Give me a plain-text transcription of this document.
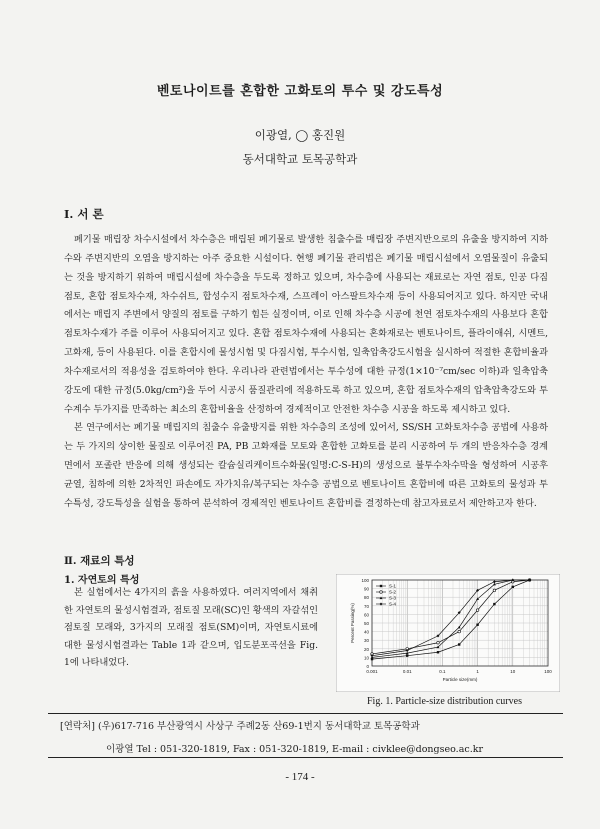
벤토나이트를 혼합한 고화토의 투수 및 강도특성
이광열, ◯ 홍진원
동서대학교 토목공학과
Ⅰ. 서 론

폐기물 매립장 차수시설에서 차수층은 매립된 폐기물로 발생한 침출수를 매립장 주변지반으로의 유출을 방지하여 지하수와 주변지반의 오염을 방지하는 아주 중요한 시설이다. 현행 폐기물 관리법은 폐기물 매립시설에서 오염물질이 유출되는 것을 방지하기 위하여 매립시설에 차수층을 두도록 정하고 있으며, 차수층에 사용되는 재료로는 자연 점토, 인공 다짐점토, 혼합 점토차수재, 차수쉬트, 합성수지 점토차수재, 스프레이 아스팔트차수재 등이 사용되어지고 있다. 하지만 국내에서는 매립지 주변에서 양질의 점토를 구하기 힘든 실정이며, 이로 인해 차수층 시공에 천연 점토차수재의 사용보다 혼합 점토차수재가 주를 이루어 사용되어지고 있다. 혼합 점토차수재에 사용되는 혼화재로는 벤토나이트, 플라이애쉬, 시멘트, 고화재, 등이 사용된다. 이를 혼합시에 물성시험 및 다짐시험, 투수시험, 일축압축강도시험을 실시하여 적절한 혼합비율과 차수재로서의 적용성을 검토하여야 한다. 우리나라 관련법에서는 투수성에 대한 규정(1×10⁻⁷cm/sec 이하)과 일축압축강도에 대한 규정(5.0kg/cm²)을 두어 시공시 품질관리에 적용하도록 하고 있으며, 혼합 점토차수재의 압축압축강도와 투수계수 두가지를 만족하는 최소의 혼합비율을 산정하여 경제적이고 안전한 차수층 시공을 하도록 제시하고 있다.

본 연구에서는 폐기물 매립지의 침출수 유출방지를 위한 차수층의 조성에 있어서, SS/SH 고화토차수층 공법에 사용하는 두 가지의 상이한 물질로 이루어진 PA, PB 고화재를 모토와 혼합한 고화토를 분리 시공하여 두 개의 반응차수층 경계면에서 포졸란 반응에 의해 생성되는 칼슘실리케이트수화물(일명:C-S-H)의 생성으로 불투수차수막을 형성하여 시공후 균열, 침하에 의한 2차적인 파손에도 자가치유/복구되는 차수층 공법으로 벤토나이트 혼합비에 따른 고화토의 물성과 투수특성, 강도특성을 실험을 통하여 분석하여 경제적인 벤토나이트 혼합비를 결정하는데 참고자료로서 제안하고자 한다.

Ⅱ. 재료의 특성
1. 자연토의 특성

본 실험에서는 4가지의 흙을 사용하였다. 여러지역에서 채취한 자연토의 물성시험결과, 점토질 모래(SC)인 황색의 자갈섞인 점토질 모래와, 3가지의 모래질 점토(SM)이며, 자연토시료에 대한 물성시험결과는 Table 1과 같으며, 입도분포곡선을 Fig. 1에 나타내었다.	0
10
20
30
40
50
60
70
80
90
100
0.001	0.01	0.1	1	10	100
Particle size(mm)
Percent Passing(%)
S-1
S-2
S-3
S-4
Fig. 1. Particle-size distribution curves
[연락처] (우)617-716 부산광역시 사상구 주례2동 산69-1번지 동서대학교 토목공학과
이광열 Tel : 051-320-1819, Fax : 051-320-1819, E-mail : civklee@dongseo.ac.kr
- 174 -
